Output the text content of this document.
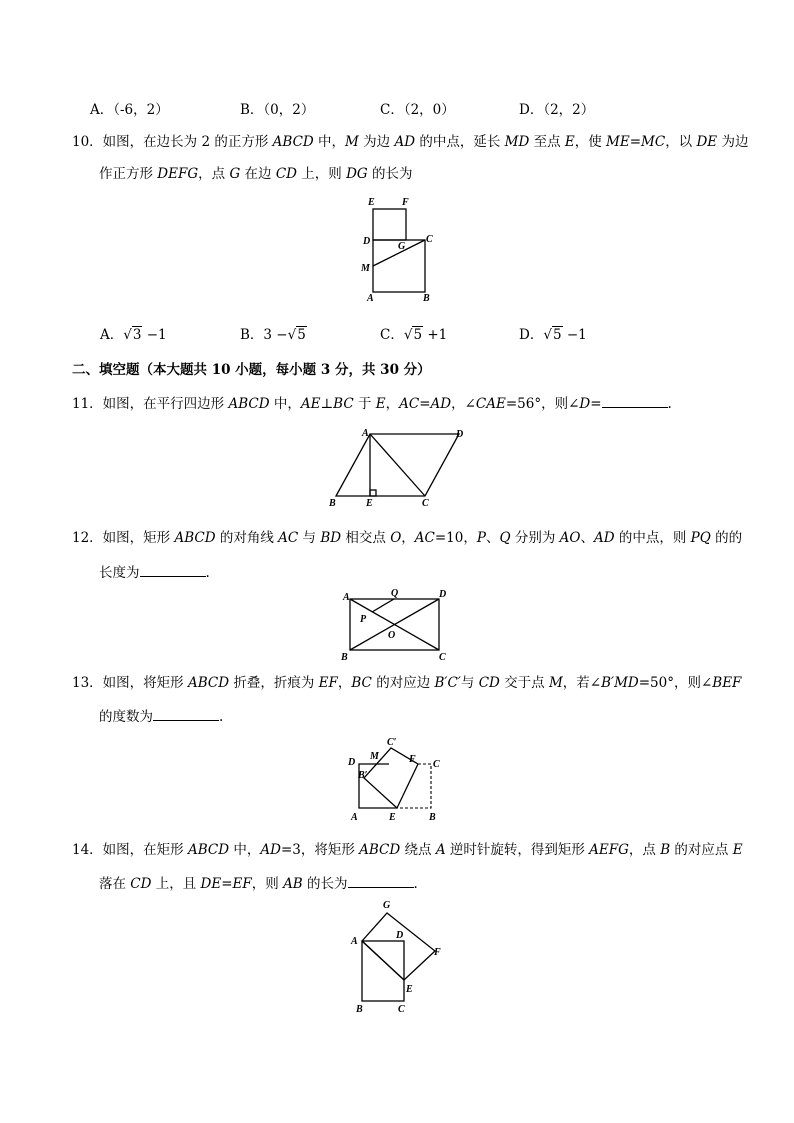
A．（-6，2）	B．（0，2）	C．（2，0）	D．（2，2）
10．如图，在边长为 2 的正方形 ABCD 中，M 为边 AD 的中点，延长 MD 至点 E，使 ME=MC，以 DE 为边
作正方形 DEFG，点 G 在边 CD 上，则 DG 的长为
E	F
D	G
C
M
A	B
A．√3 −1	B．3 −√5	C．√5 +1	D．√5 −1
二、填空题（本大题共 10 小题，每小题 3 分，共 30 分）
11．如图，在平行四边形 ABCD 中，AE⊥BC 于 E，AC=AD，∠CAE=56°，则∠D=	.
A	D
B	E	C
12．如图，矩形 ABCD 的对角线 AC 与 BD 相交点 O，AC=10，P、Q 分别为 AO、AD 的中点，则 PQ 的的
长度为	.
A	Q	D
P
O
B	C
13．如图，将矩形 ABCD 折叠，折痕为 EF，BC 的对应边 B′C′与 CD 交于点 M，若∠B′MD=50°，则∠BEF
的度数为	.
C′
D
M	F C
B′
A	E	B
14．如图，在矩形 ABCD 中，AD=3，将矩形 ABCD 绕点 A 逆时针旋转，得到矩形 AEFG，点 B 的对应点 E
落在 CD 上，且 DE=EF，则 AB 的长为	.
G
A
D
F
E
B	C
